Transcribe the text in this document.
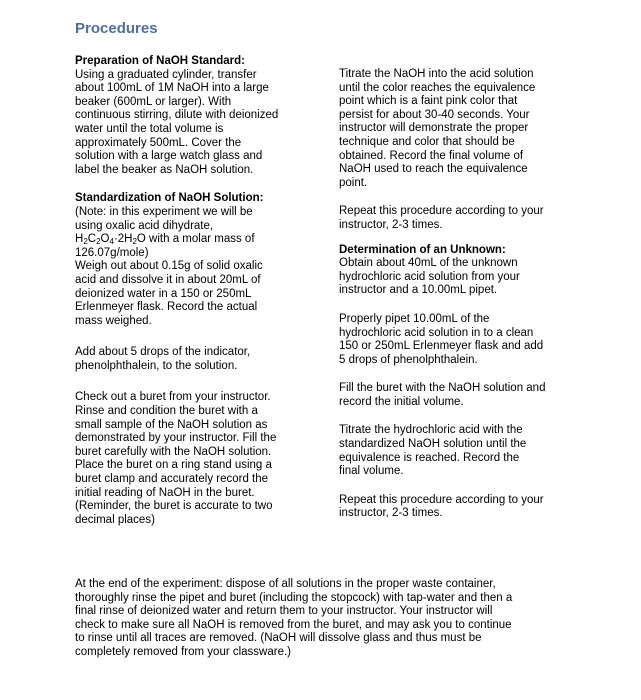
Procedures
Preparation of NaOH Standard:

Using a graduated cylinder, transfer
about 100mL of 1M NaOH into a large
beaker (600mL or larger). With
continuous stirring, dilute with deionized
water until the total volume is
approximately 500mL. Cover the
solution with a large watch glass and
label the beaker as NaOH solution.

Standardization of NaOH Solution:

(Note: in this experiment we will be
using oxalic acid dihydrate,

$H_2C_2O_4\cdot 2H_2O$ with a molar mass of

126.07g/mole)
Weigh out about 0.15g of solid oxalic
acid and dissolve it in about 20mL of
deionized water in a 150 or 250mL
Erlenmeyer flask. Record the actual
mass weighed.

Add about 5 drops of the indicator,
phenolphthalein, to the solution.

Check out a buret from your instructor.
Rinse and condition the buret with a
small sample of the NaOH solution as
demonstrated by your instructor. Fill the
buret carefully with the NaOH solution.
Place the buret on a ring stand using a
buret clamp and accurately record the
initial reading of NaOH in the buret.
(Reminder, the buret is accurate to two
decimal places)

Titrate the NaOH into the acid solution
until the color reaches the equivalence
point which is a faint pink color that
persist for about 30-40 seconds. Your
instructor will demonstrate the proper
technique and color that should be
obtained. Record the final volume of
NaOH used to reach the equivalence
point.

Repeat this procedure according to your
instructor, 2-3 times.

Determination of an Unknown:

Obtain about 40mL of the unknown
hydrochloric acid solution from your
instructor and a 10.00mL pipet.

Properly pipet 10.00mL of the
hydrochloric acid solution in to a clean
150 or 250mL Erlenmeyer flask and add
5 drops of phenolphthalein.

Fill the buret with the NaOH solution and
record the initial volume.

Titrate the hydrochloric acid with the
standardized NaOH solution until the
equivalence is reached. Record the
final volume.

Repeat this procedure according to your
instructor, 2-3 times.

At the end of the experiment: dispose of all solutions in the proper waste container,
thoroughly rinse the pipet and buret (including the stopcock) with tap-water and then a
final rinse of deionized water and return them to your instructor. Your instructor will
check to make sure all NaOH is removed from the buret, and may ask you to continue
to rinse until all traces are removed. (NaOH will dissolve glass and thus must be
completely removed from your classware.)
